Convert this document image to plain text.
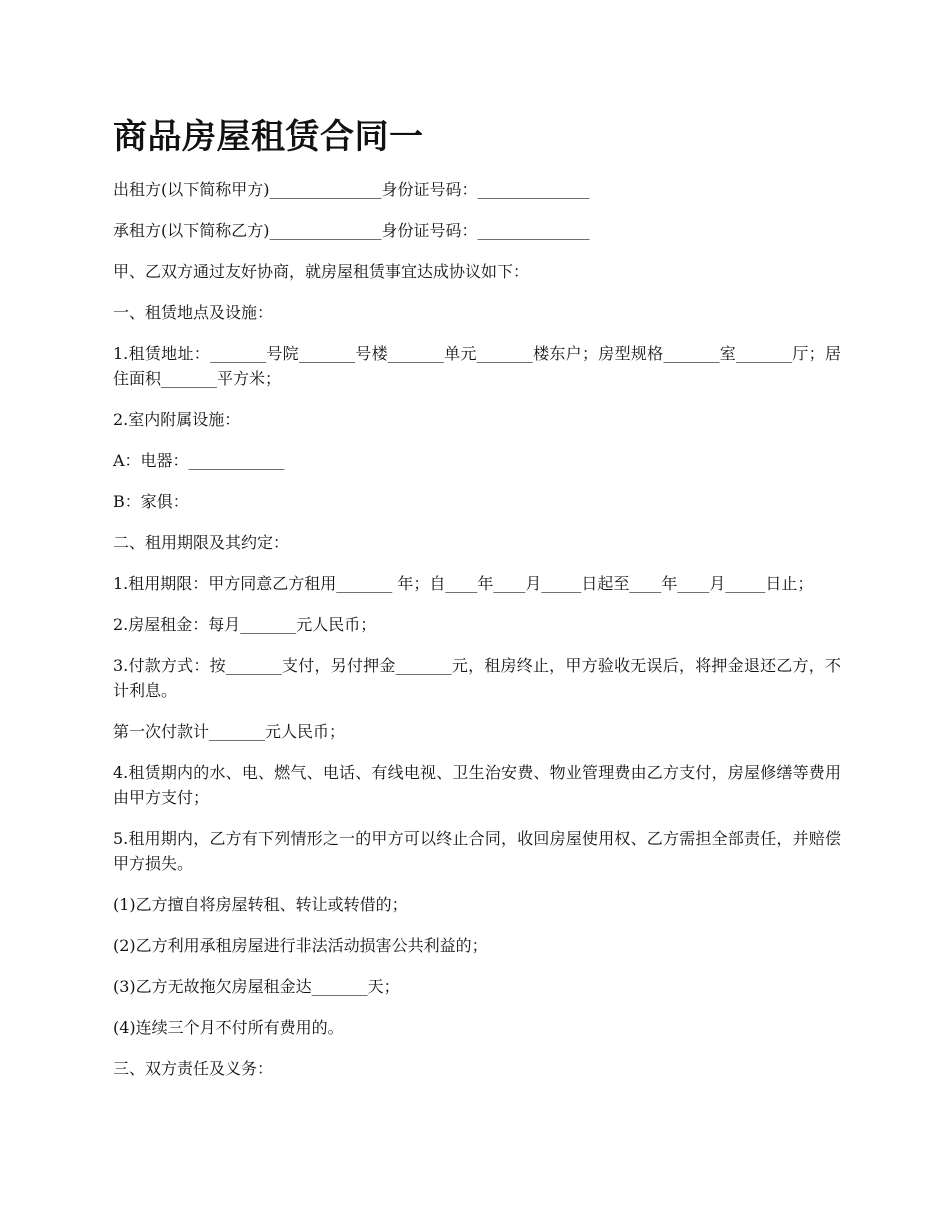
商品房屋租赁合同一

出租方(以下简称甲方)______________身份证号码：______________

承租方(以下简称乙方)______________身份证号码：______________

甲、乙双方通过友好协商，就房屋租赁事宜达成协议如下：

一、租赁地点及设施：

1.租赁地址：_______号院_______号楼_______单元_______楼东户；房型规格_______室_______厅；居住面积_______平方米；

2.室内附属设施：

A：电器：____________

B：家俱：

二、租用期限及其约定：

1.租用期限：甲方同意乙方租用_______ 年；自____年____月_____日起至____年____月_____日止；

2.房屋租金：每月_______元人民币；

3.付款方式：按_______支付，另付押金_______元，租房终止，甲方验收无误后，将押金退还乙方，不计利息。

第一次付款计_______元人民币；

4.租赁期内的水、电、燃气、电话、有线电视、卫生治安费、物业管理费由乙方支付，房屋修缮等费用由甲方支付；

5.租用期内，乙方有下列情形之一的甲方可以终止合同，收回房屋使用权、乙方需担全部责任，并赔偿甲方损失。

(1)乙方擅自将房屋转租、转让或转借的；

(2)乙方利用承租房屋进行非法活动损害公共利益的；

(3)乙方无故拖欠房屋租金达_______天；

(4)连续三个月不付所有费用的。

三、双方责任及义务：
